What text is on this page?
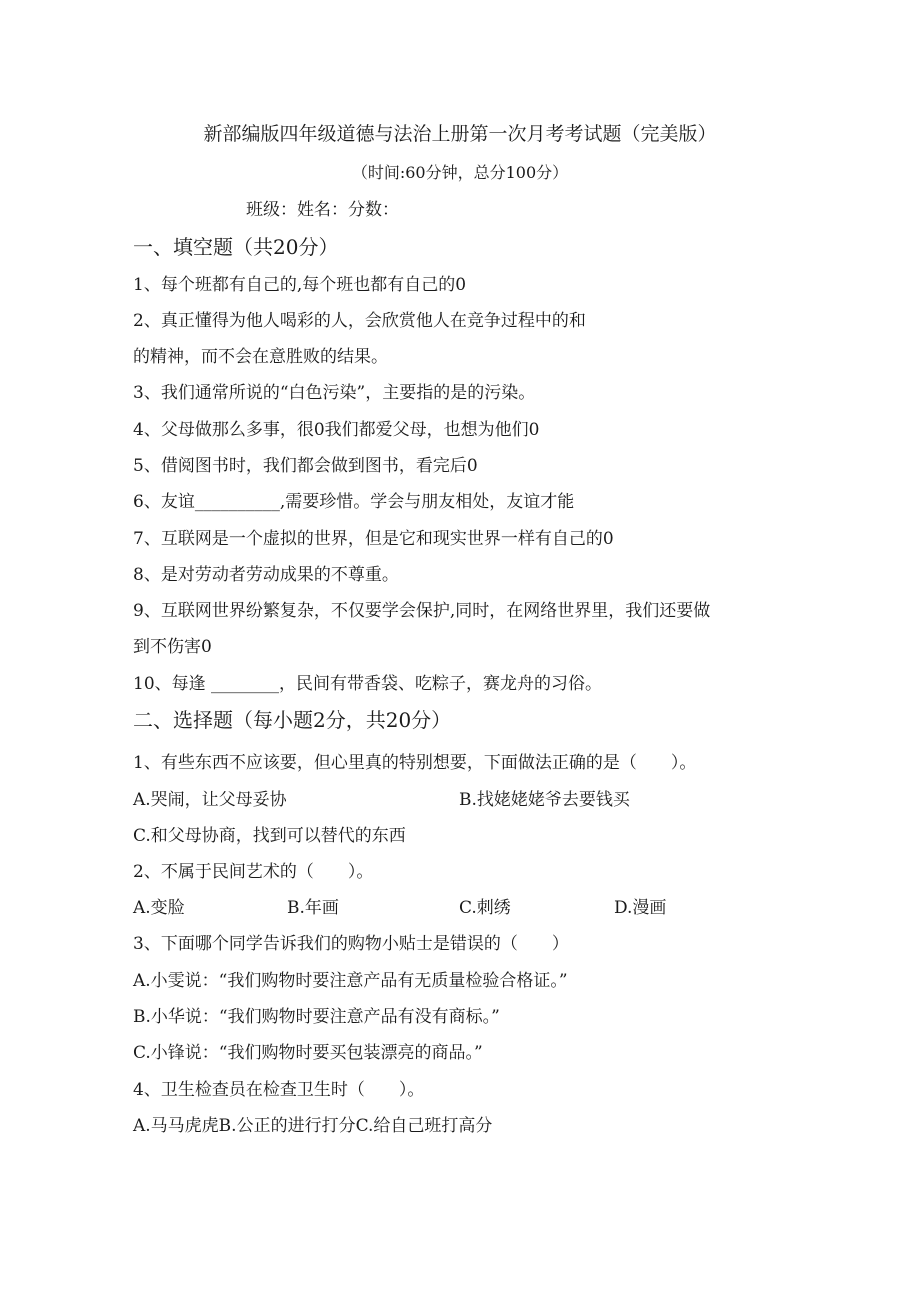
新部编版四年级道德与法治上册第一次月考考试题（完美版）
（时间:60分钟，总分100分）
班级：姓名：分数：
一、填空题（共20分）
1、每个班都有自己的,每个班也都有自己的0
2、真正懂得为他人喝彩的人，会欣赏他人在竞争过程中的和
的精神，而不会在意胜败的结果。
3、我们通常所说的“白色污染”，主要指的是的污染。
4、父母做那么多事，很0我们都爱父母，也想为他们0
5、借阅图书时，我们都会做到图书，看完后0
6、友谊__________,需要珍惜。学会与朋友相处，友谊才能
7、互联网是一个虚拟的世界，但是它和现实世界一样有自己的0
8、是对劳动者劳动成果的不尊重。
9、互联网世界纷繁复杂，不仅要学会保护,同时，在网络世界里，我们还要做
到不伤害0
10、每逢 ________，民间有带香袋、吃粽子，赛龙舟的习俗。
二、选择题（每小题2分，共20分）
1、有些东西不应该要，但心里真的特别想要，下面做法正确的是（　　）。
A.哭闹，让父母妥协	B.找姥姥姥爷去要钱买
C.和父母协商，找到可以替代的东西
2、不属于民间艺术的（　　）。
A.变脸	B.年画	C.刺绣	D.漫画
3、下面哪个同学告诉我们的购物小贴士是错误的（　　）
A.小雯说：“我们购物时要注意产品有无质量检验合格证。”
B.小华说：“我们购物时要注意产品有没有商标。”
C.小锋说：“我们购物时要买包装漂亮的商品。”
4、卫生检查员在检查卫生时（　　）。
A.马马虎虎B.公正的进行打分C.给自己班打高分
